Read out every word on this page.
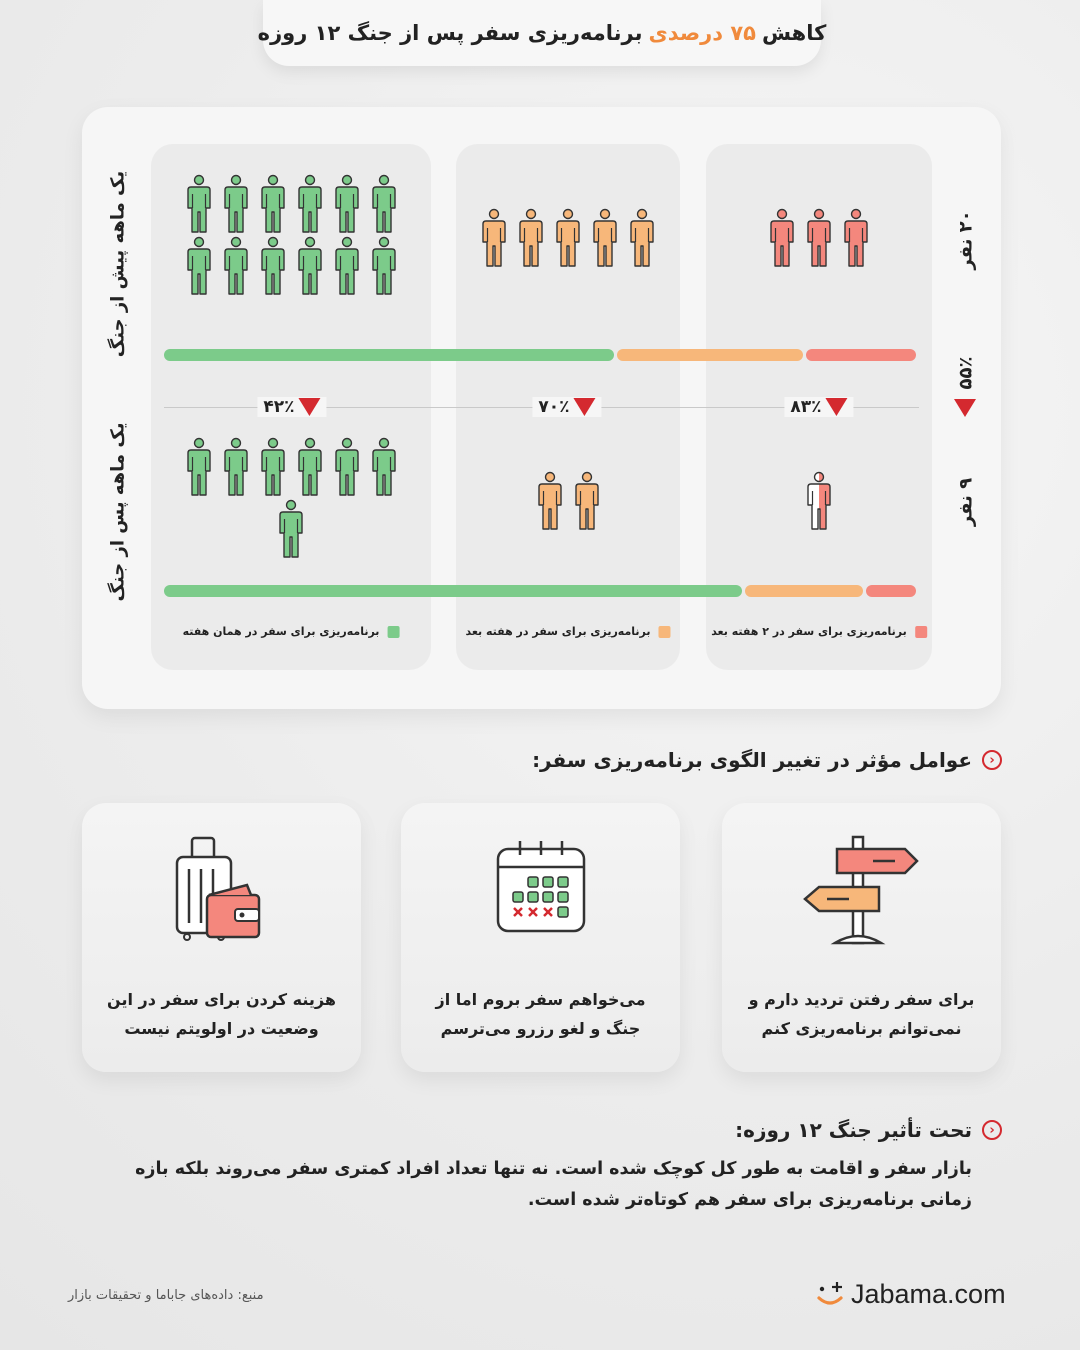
کاهش
۷۵ درصدی
برنامه‌ریزی سفر پس از جنگ ۱۲ روزه
یک ماهه پیش از جنگ
یک ماهه پس از جنگ
۲۰ نفر
۵۵٪
۹ نفر
۴۲٪	۷۰٪	۸۳٪
برنامه‌ریزی برای سفر در همان هفته	برنامه‌ریزی برای سفر در هفته بعد	برنامه‌ریزی برای سفر در ۲ هفته بعد
‹
عوامل مؤثر در تغییر الگوی برنامه‌ریزی سفر:
هزینه کردن برای سفر در این
وضعیت در اولویتم نیست
می‌خواهم سفر بروم اما از
جنگ و لغو رزرو می‌ترسم
برای سفر رفتن تردید دارم و
نمی‌توانم برنامه‌ریزی کنم
‹
تحت تأثیر جنگ ۱۲ روزه:
بازار سفر و اقامت به طور کل کوچک شده است. نه تنها تعداد افراد کمتری سفر می‌روند بلکه بازه زمانی برنامه‌ریزی برای سفر هم کوتاه‌تر شده است.
منبع: داده‌های جاباما و تحقیقات بازار	Jabama.com
